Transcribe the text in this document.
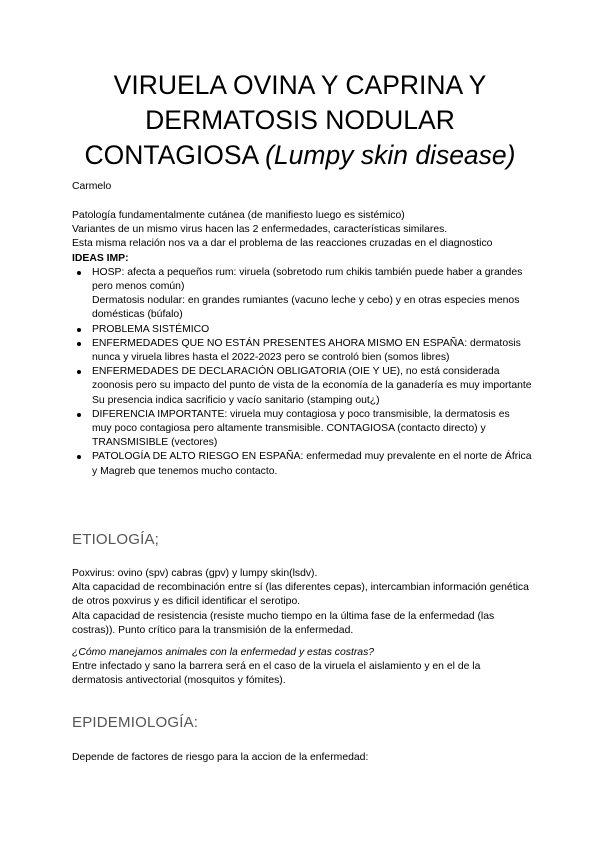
VIRUELA OVINA Y CAPRINA Y
DERMATOSIS NODULAR
CONTAGIOSA (Lumpy skin disease)
Carmelo

Patología fundamentalmente cutánea (de manifiesto luego es sistémico)

Variantes de un mismo virus hacen las 2 enfermedades, características similares.

Esta misma relación nos va a dar el problema de las reacciones cruzadas en el diagnostico

IDEAS IMP:

HOSP: afecta a pequeños rum: viruela (sobretodo rum chikis también puede haber a grandes pero menos común)
Dermatosis nodular: en grandes rumiantes (vacuno leche y cebo) y en otras especies menos domésticas (búfalo)
PROBLEMA SISTÉMICO
ENFERMEDADES QUE NO ESTÁN PRESENTES AHORA MISMO EN ESPAÑA: dermatosis nunca y viruela libres hasta el 2022-2023 pero se controló bien (somos libres)
ENFERMEDADES DE DECLARACIÓN OBLIGATORIA (OIE Y UE), no está considerada zoonosis pero su impacto del punto de vista de la economía de la ganadería es muy importante
Su presencia indica sacrificio y vacío sanitario (stamping out¿)
DIFERENCIA IMPORTANTE: viruela muy contagiosa y poco transmisible, la dermatosis es muy poco contagiosa pero altamente transmisible. CONTAGIOSA (contacto directo) y TRANSMISIBLE (vectores)
PATOLOGÍA DE ALTO RIESGO EN ESPAÑA: enfermedad muy prevalente en el norte de África y Magreb que tenemos mucho contacto.
ETIOLOGÍA;

Poxvirus: ovino (spv) cabras (gpv) y lumpy skin(lsdv).

Alta capacidad de recombinación entre sí (las diferentes cepas), intercambian información genética de otros poxvirus y es dificil identificar el serotipo.

Alta capacidad de resistencia (resiste mucho tiempo en la última fase de la enfermedad (las costras)). Punto crítico para la transmisión de la enfermedad.

¿Cómo manejamos animales con la enfermedad y estas costras?

Entre infectado y sano la barrera será en el caso de la viruela el aislamiento y en el de la dermatosis antivectorial (mosquitos y fómites).

EPIDEMIOLOGÍA:

Depende de factores de riesgo para la accion de la enfermedad:
